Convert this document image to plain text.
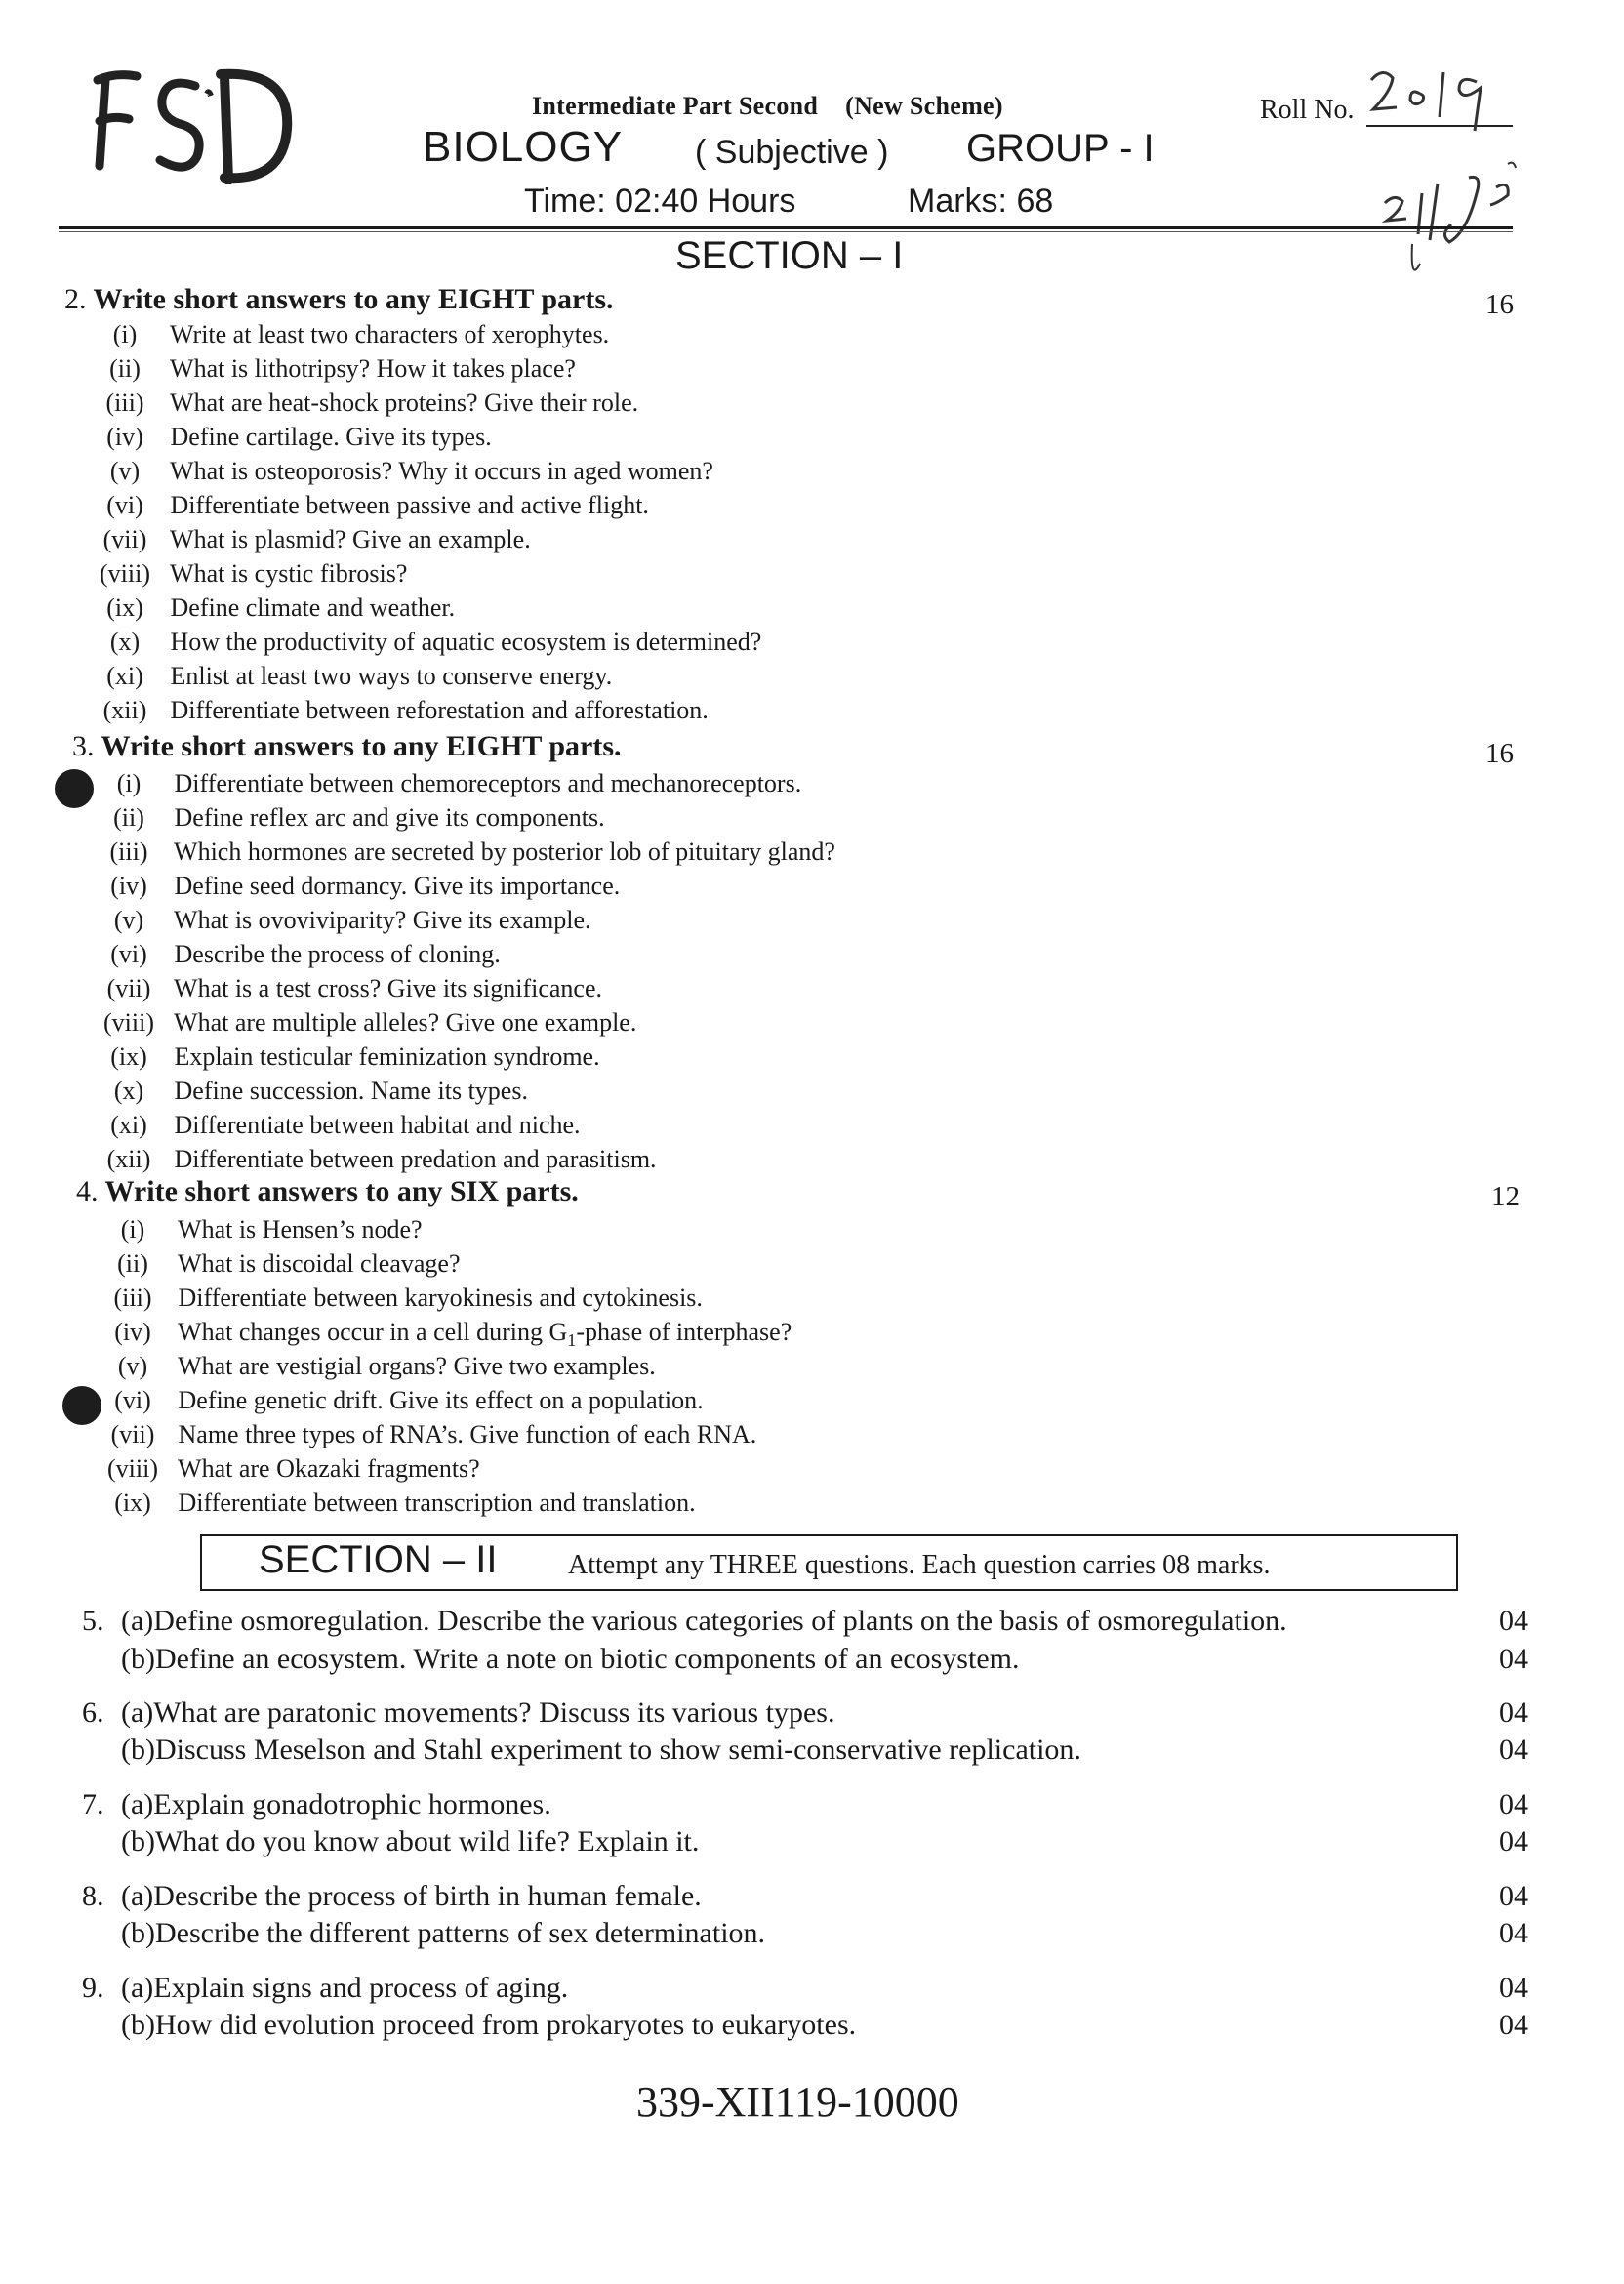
Intermediate Part Second (New Scheme)
BIOLOGY ( Subjective ) GROUP - I
Time: 02:40 Hours	Marks: 68
Roll No.
SECTION – I
2. Write short answers to any EIGHT parts.	16
(i) Write at least two characters of xerophytes.
(ii) What is lithotripsy? How it takes place?
(iii) What are heat-shock proteins? Give their role.
(iv) Define cartilage. Give its types.
(v) What is osteoporosis? Why it occurs in aged women?
(vi) Differentiate between passive and active flight.
(vii) What is plasmid? Give an example.
(viii) What is cystic fibrosis?
(ix) Define climate and weather.
(x) How the productivity of aquatic ecosystem is determined?
(xi) Enlist at least two ways to conserve energy.
(xii) Differentiate between reforestation and afforestation.
3. Write short answers to any EIGHT parts.	16
(i) Differentiate between chemoreceptors and mechanoreceptors.
(ii) Define reflex arc and give its components.
(iii) Which hormones are secreted by posterior lob of pituitary gland?
(iv) Define seed dormancy. Give its importance.
(v) What is ovoviviparity? Give its example.
(vi) Describe the process of cloning.
(vii) What is a test cross? Give its significance.
(viii) What are multiple alleles? Give one example.
(ix) Explain testicular feminization syndrome.
(x) Define succession. Name its types.
(xi) Differentiate between habitat and niche.
(xii) Differentiate between predation and parasitism.
4. Write short answers to any SIX parts.	12
(i) What is Hensen’s node?
(ii) What is discoidal cleavage?
(iii) Differentiate between karyokinesis and cytokinesis.
(iv) What changes occur in a cell during $G_1$-phase of interphase?
(v) What are vestigial organs? Give two examples.
(vi) Define genetic drift. Give its effect on a population.
(vii) Name three types of RNA’s. Give function of each RNA.
(viii) What are Okazaki fragments?
(ix) Differentiate between transcription and translation.
SECTION – II	Attempt any THREE questions. Each question carries 08 marks.
5. (a)Define osmoregulation. Describe the various categories of plants on the basis of osmoregulation.	04
(b)Define an ecosystem. Write a note on biotic components of an ecosystem.	04
6. (a)What are paratonic movements? Discuss its various types.	04
(b)Discuss Meselson and Stahl experiment to show semi-conservative replication.	04
7. (a)Explain gonadotrophic hormones.	04
(b)What do you know about wild life? Explain it.	04
8. (a)Describe the process of birth in human female.	04
(b)Describe the different patterns of sex determination.	04
9. (a)Explain signs and process of aging.	04
(b)How did evolution proceed from prokaryotes to eukaryotes.	04
339-XII119-10000
